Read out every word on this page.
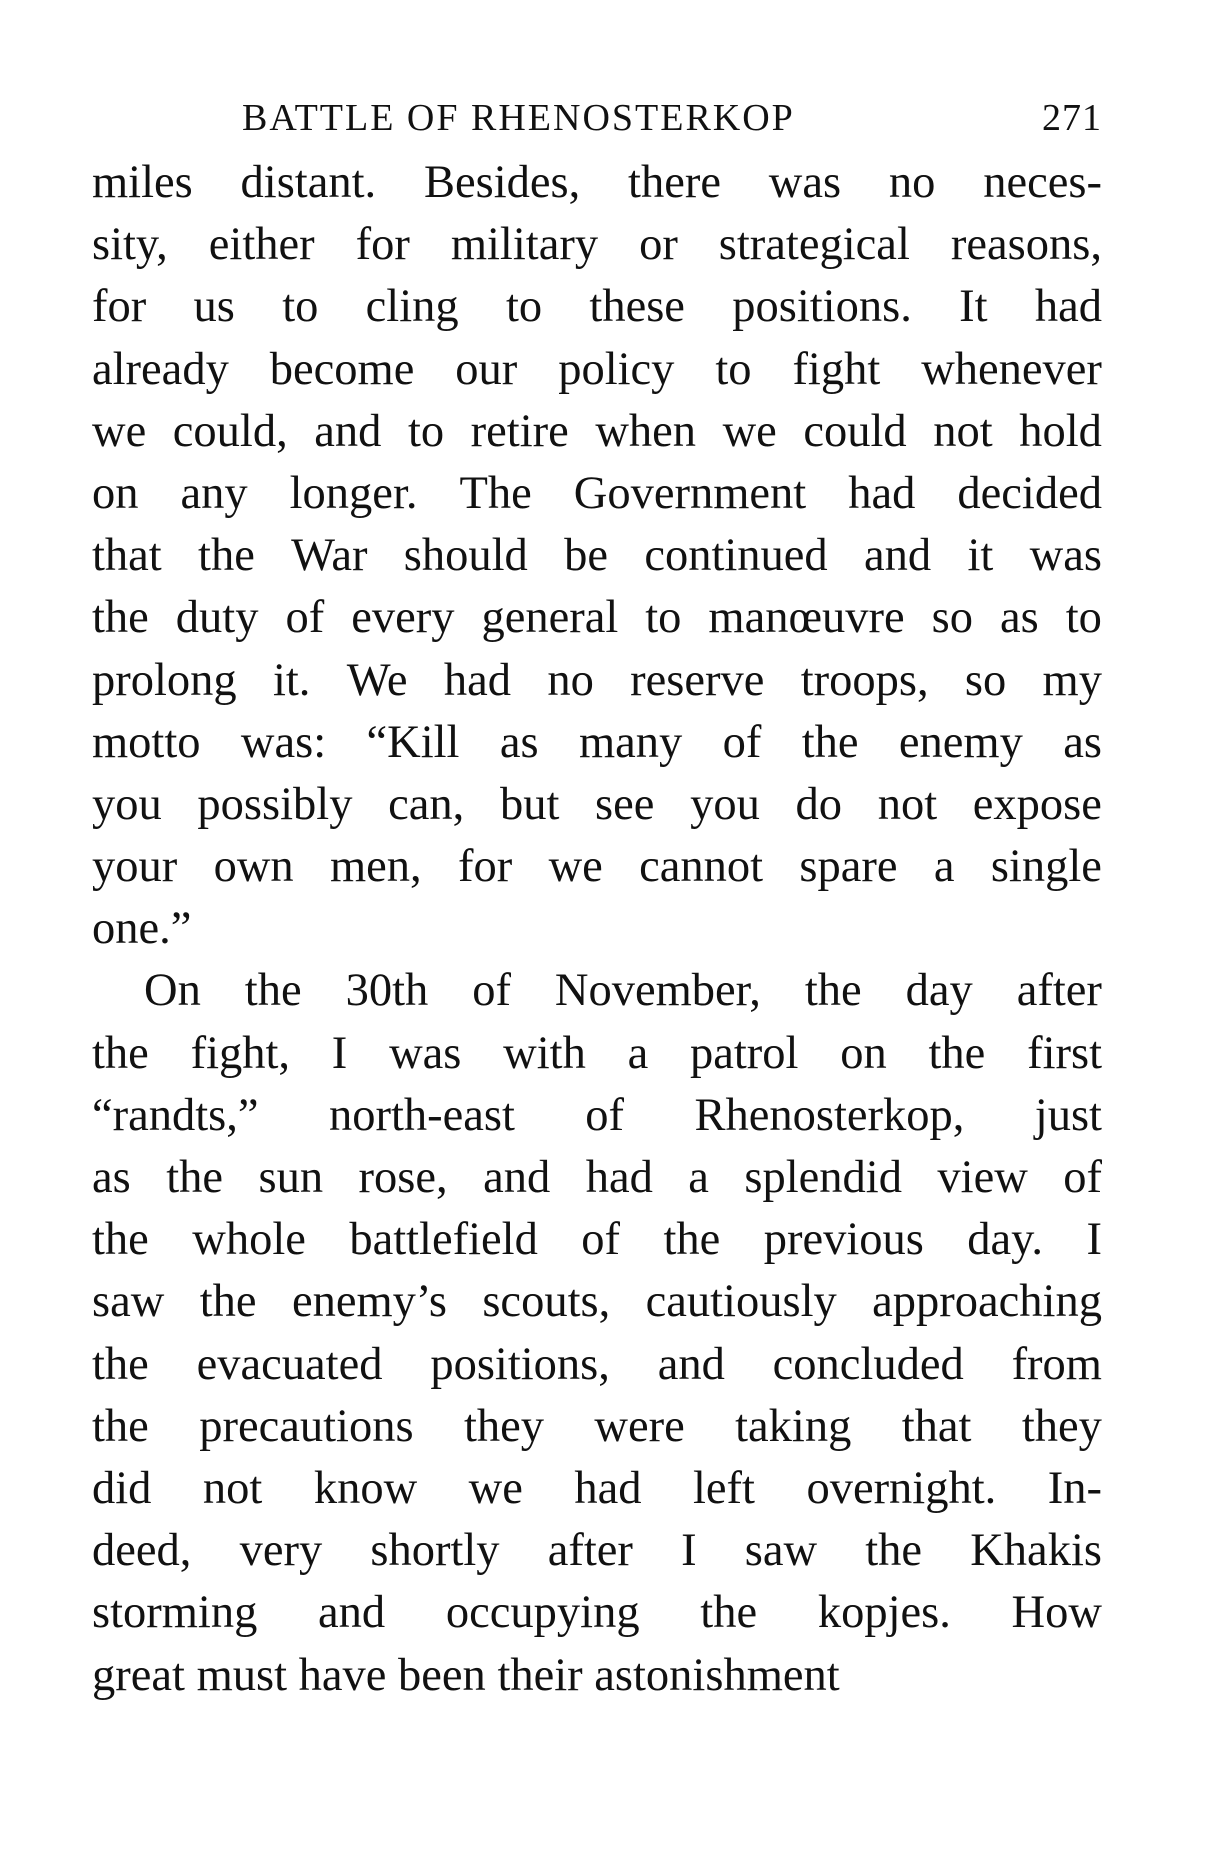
BATTLE OF RHENOSTERKOP	271
miles distant. Besides, there was no neces-
sity, either for military or strategical reasons,
for us to cling to these positions. It had
already become our policy to fight whenever
we could, and to retire when we could not hold
on any longer. The Government had decided
that the War should be continued and it was
the duty of every general to manœuvre so as to
prolong it. We had no reserve troops, so my
motto was: “Kill as many of the enemy as
you possibly can, but see you do not expose
your own men, for we cannot spare a single
one.”
On the 30th of November, the day after
the fight, I was with a patrol on the first
“randts,” north-east of Rhenosterkop, just
as the sun rose, and had a splendid view of
the whole battlefield of the previous day. I
saw the enemy’s scouts, cautiously approaching
the evacuated positions, and concluded from
the precautions they were taking that they
did not know we had left overnight. In-
deed, very shortly after I saw the Khakis
storming and occupying the kopjes. How
great must have been their astonishment
